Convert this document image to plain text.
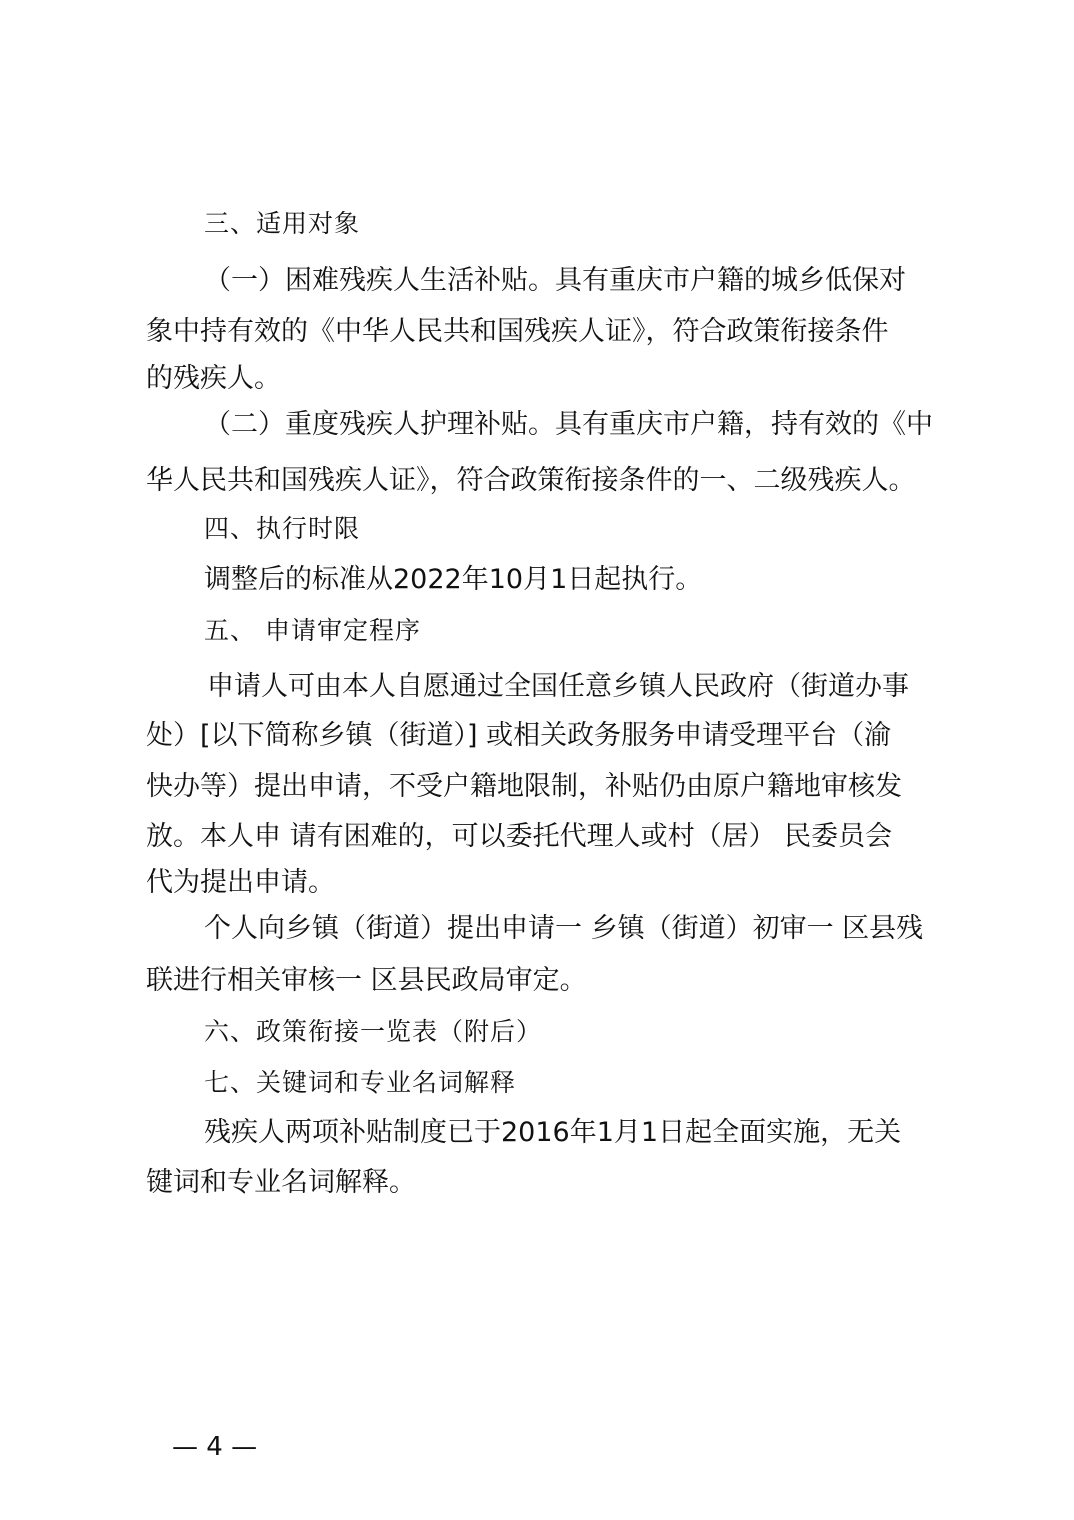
三、适用对象
（一）困难残疾人生活补贴。具有重庆市户籍的城乡低保对
象中持有效的《中华人民共和国残疾人证》，符合政策衔接条件
的残疾人。
（二）重度残疾人护理补贴。具有重庆市户籍，持有效的《中
华人民共和国残疾人证》，符合政策衔接条件的一、二级残疾人。
四、执行时限
调整后的标准从2022年10月1日起执行。
五、 申请审定程序
申请人可由本人自愿通过全国任意乡镇人民政府（街道办事
处）[以下简称乡镇（街道）] 或相关政务服务申请受理平台（渝
快办等）提出申请，不受户籍地限制，补贴仍由原户籍地审核发
放。本人申 请有困难的，可以委托代理人或村（居） 民委员会
代为提出申请。
个人向乡镇（街道）提出申请一 乡镇（街道）初审一 区县残
联进行相关审核一 区县民政局审定。
六、政策衔接一览表（附后）
七、关键词和专业名词解释
残疾人两项补贴制度已于2016年1月1日起全面实施，无关
键词和专业名词解释。
— 4 —
